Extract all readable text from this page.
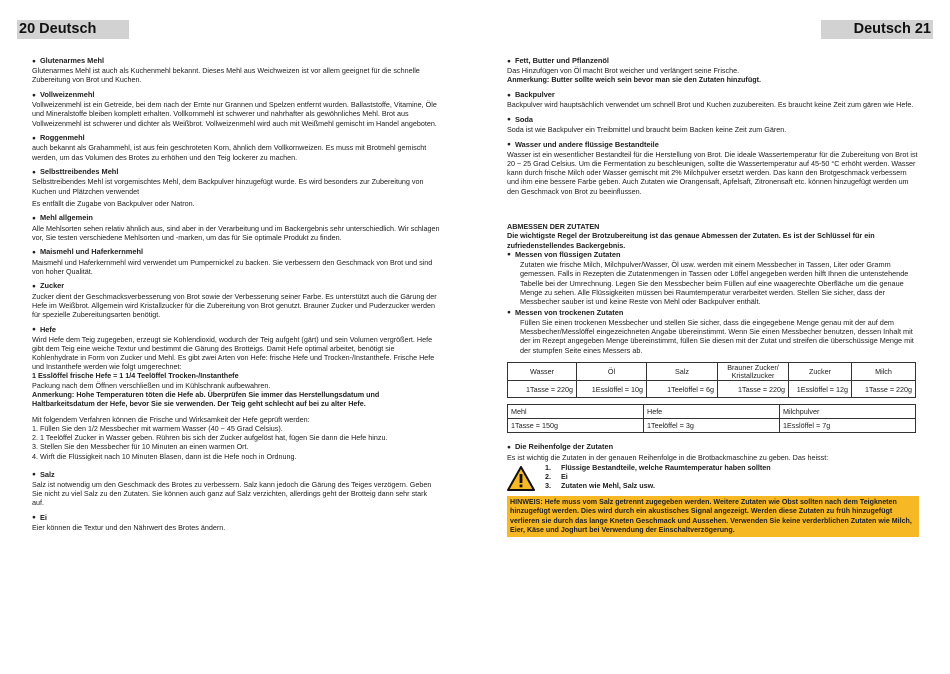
20 Deutsch	Deutsch 21
● Glutenarmes Mehl

Glutenarmes Mehl ist auch als Kuchenmehl bekannt. Dieses Mehl aus Weichweizen ist vor allem geeignet für die schnelle Zubereitung von Brot und Kuchen.

● Vollweizenmehl

Vollweizenmehl ist ein Getreide, bei dem nach der Ernte nur Grannen und Spelzen entfernt wurden. Ballaststoffe, Vitamine, Öle und Mineralstoffe bleiben komplett erhalten. Vollkornmehl ist schwerer und nahrhafter als gewöhnliches Mehl. Brot aus Vollweizenmehl ist schwerer und dichter als Weißbrot. Vollweizenmehl wird auch mit Weißmehl gemischt im Handel angeboten.

● Roggenmehl

auch bekannt als Grahammehl, ist aus fein geschroteten Korn, ähnlich dem Vollkornweizen. Es muss mit Brotmehl gemischt werden, um das Volumen des Brotes zu erhöhen und den Teig lockerer zu machen.

● Selbsttreibendes Mehl

Selbsttreibendes Mehl ist vorgemischtes Mehl, dem Backpulver hinzugefügt wurde. Es wird besonders zur Zubereitung von Kuchen und Plätzchen verwendet

Es entfällt die Zugabe von Backpulver oder Natron.

● Mehl allgemein

Alle Mehlsorten sehen relativ ähnlich aus, sind aber in der Verarbeitung und im Backergebnis sehr unterschiedlich. Wir schlagen vor, Sie testen verschiedene Mehlsorten und -marken, um das für Sie optimale Produkt zu finden.

● Maismehl und Haferkernmehl

Maismehl und Haferkernmehl wird verwendet um Pumpernickel zu backen. Sie verbessern den Geschmack von Brot und sind von hoher Qualität.

● Zucker

Zucker dient der Geschmacksverbesserung von Brot sowie der Verbesserung seiner Farbe. Es unterstützt auch die Gärung der Hefe im Weißbrot. Allgemein wird Kristallzucker für die Zubereitung von Brot genutzt. Brauner Zucker und Puderzucker werden für spezielle Zubereitungsarten benötigt.

● Hefe

Wird Hefe dem Teig zugegeben, erzeugt sie Kohlendioxid, wodurch der Teig aufgeht (gärt) und sein Volumen vergrößert. Hefe gibt dem Teig eine weiche Textur und bestimmt die Gärung des Brotteigs. Damit Hefe optimal arbeitet, benötigt sie Kohlenhydrate in Form von Zucker und Mehl. Es gibt zwei Arten von Hefe: frische Hefe und Trocken-/Instanthefe. Frische Hefe und Instanthefe werden wie folgt umgerechnet:

1 Esslöffel frische Hefe = 1 1/4 Teelöffel Trocken-/Instanthefe

Packung nach dem Öffnen verschließen und im Kühlschrank aufbewahren.

Anmerkung: Hohe Temperaturen töten die Hefe ab. Überprüfen Sie immer das Herstellungsdatum und Haltbarkeitsdatum der Hefe, bevor Sie sie verwenden. Der Teig geht schlecht auf bei zu alter Hefe.

Mit folgendem Verfahren können die Frische und Wirksamkeit der Hefe geprüft werden:

1. Füllen Sie den 1/2 Messbecher mit warmem Wasser (40 ~ 45 Grad Celsius).
2. 1 Teelöffel Zucker in Wasser geben. Rühren bis sich der Zucker aufgelöst hat, fügen Sie dann die Hefe hinzu.
3. Stellen Sie den Messbecher für 10 Minuten an einen warmen Ort.
4. Wirft die Flüssigkeit nach 10 Minuten Blasen, dann ist die Hefe noch in Ordnung.
● Salz

Salz ist notwendig um den Geschmack des Brotes zu verbessern. Salz kann jedoch die Gärung des Teiges verzögern. Geben Sie nicht zu viel Salz zu den Zutaten. Sie können auch ganz auf Salz verzichten, allerdings geht der Brotteig dann sehr stark auf.

● Ei

Eier können die Textur und den Nährwert des Brotes ändern.

● Fett, Butter und Pflanzenöl

Das Hinzufügen von Öl macht Brot weicher und verlängert seine Frische.

Anmerkung: Butter sollte weich sein bevor man sie den Zutaten hinzufügt.

● Backpulver

Backpulver wird hauptsächlich verwendet um schnell Brot und Kuchen zuzubereiten. Es braucht keine Zeit zum gären wie Hefe.

● Soda

Soda ist wie Backpulver ein Treibmittel und braucht beim Backen keine Zeit zum Gären.

● Wasser und andere flüssige Bestandteile

Wasser ist ein wesentlicher Bestandteil für die Herstellung von Brot. Die ideale Wassertemperatur für die Zubereitung von Brot ist 20 ~ 25 Grad Celsius. Um die Fermentation zu beschleunigen, sollte die Wassertemperatur auf 45-50 °C erhöht werden. Wasser kann durch frische Milch oder Wasser gemischt mit 2% Milchpulver ersetzt werden. Das kann den Brotgeschmack verbessern und ihm eine bessere Farbe geben. Auch Zutaten wie Orangensaft, Apfelsaft, Zitronensaft etc. können hinzugefügt werden um den Geschmack von Brot zu beeinflussen.

ABMESSEN DER ZUTATEN
Die wichtigste Regel der Brotzubereitung ist das genaue Abmessen der Zutaten. Es ist der Schlüssel für ein zufriedenstellendes Backergebnis.
● Messen von flüssigen Zutaten

Zutaten wie frische Milch, Milchpulver/Wasser, Öl usw. werden mit einem Messbecher in Tassen, Liter oder Gramm gemessen. Falls in Rezepten die Zutatenmengen in Tassen oder Löffel angegeben werden hilft Ihnen die untenstehende Tabelle bei der Umrechnung. Legen Sie den Messbecher beim Füllen auf eine waagerechte Oberfläche um die genaue Menge zu sehen. Alle Flüssigkeiten müssen bei Raumtemperatur verarbeitet werden. Stellen Sie sicher, dass der Messbecher sauber ist und keine Reste von Mehl oder Backpulver enthält.

● Messen von trockenen Zutaten

Füllen Sie einen trockenen Messbecher und stellen Sie sicher, dass die eingegebene Menge genau mit der auf dem Messbecher/Messlöffel eingezeichneten Angabe übereinstimmt. Wenn Sie einen Messbecher benutzen, dessen Inhalt mit der im Rezept angegeben Menge übereinstimmt, füllen Sie diesen mit der Zutat und streifen die überschüssige Menge mit der stumpfen Seite eines Messers ab.

Wasser	Öl	Salz	Brauner Zucker/ Kristallzucker	Zucker	Milch
1Tasse = 220g	1Esslöffel = 10g	1Teelöffel = 6g	1Tasse = 220g	1Esslöffel = 12g	1Tasse = 220g
Mehl	Hefe	Milchpulver
1Tasse = 150g	1Teelöffel = 3g	1Esslöffel = 7g
● Die Reihenfolge der Zutaten

Es ist wichtig die Zutaten in der genauen Reihenfolge in die Brotbackmaschine zu geben. Das heisst:

1. Flüssige Bestandteile, welche Raumtemperatur haben sollten
2. Ei
3. Zutaten wie Mehl, Salz usw.
HINWEIS: Hefe muss vom Salz getrennt zugegeben werden. Weitere Zutaten wie Obst sollten nach dem Teigkneten hinzugefügt werden. Dies wird durch ein akustisches Signal angezeigt. Werden diese Zutaten zu früh hinzugefügt verlieren sie durch das lange Kneten Geschmack und Aussehen. Verwenden Sie keine verderblichen Zutaten wie Milch, Eier, Käse und Joghurt bei Verwendung der Einschaltverzögerung.
